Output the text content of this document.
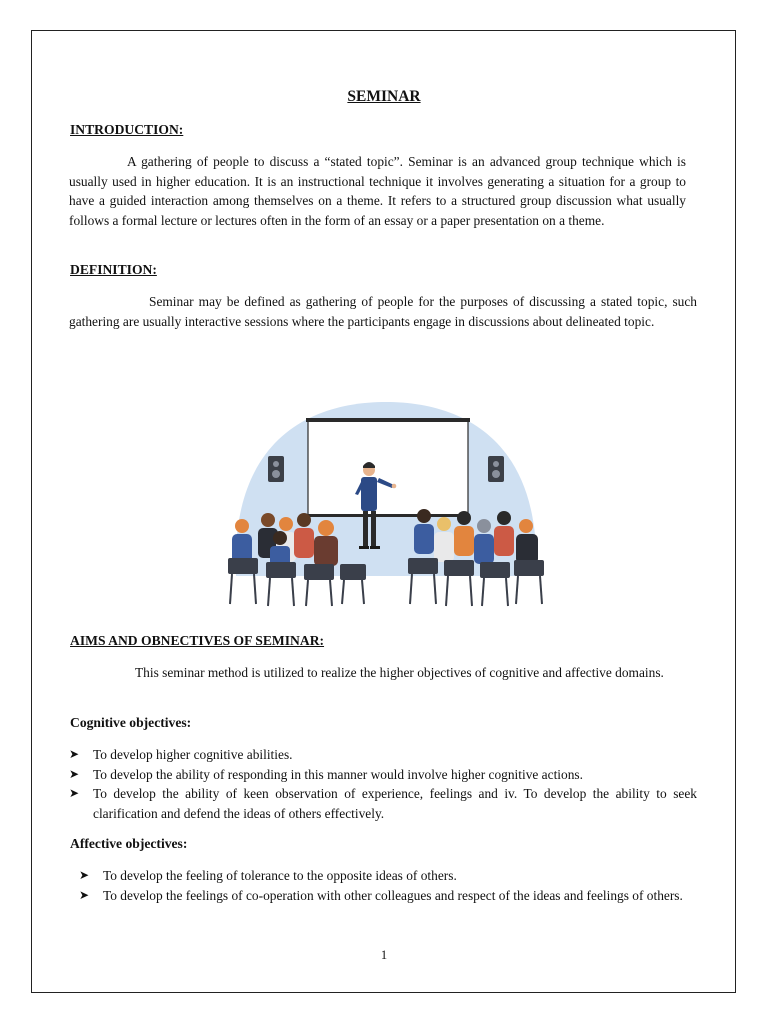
SEMINAR
INTRODUCTION:

A gathering of people to discuss a “stated topic”. Seminar is an advanced group technique which is usually used in higher education. It is an instructional technique it involves generating a situation for a group to have a guided interaction among themselves on a theme. It refers to a structured group discussion what usually follows a formal lecture or lectures often in the form of an essay or a paper presentation on a theme.

DEFINITION:

Seminar may be defined as gathering of people for the purposes of discussing a stated topic, such gathering are usually interactive sessions where the participants engage in discussions about delineated topic.

AIMS AND OBNECTIVES OF SEMINAR:

This seminar method is utilized to realize the higher objectives of cognitive and affective domains.

Cognitive objectives:
➤ To develop higher cognitive abilities.
➤ To develop the ability of responding in this manner would involve higher cognitive actions.
➤ To develop the ability of keen observation of experience, feelings and iv. To develop the ability to seek clarification and defend the ideas of others effectively.
Affective objectives:
➤ To develop the feeling of tolerance to the opposite ideas of others.
➤ To develop the feelings of co-operation with other colleagues and respect of the ideas and feelings of others.
1
